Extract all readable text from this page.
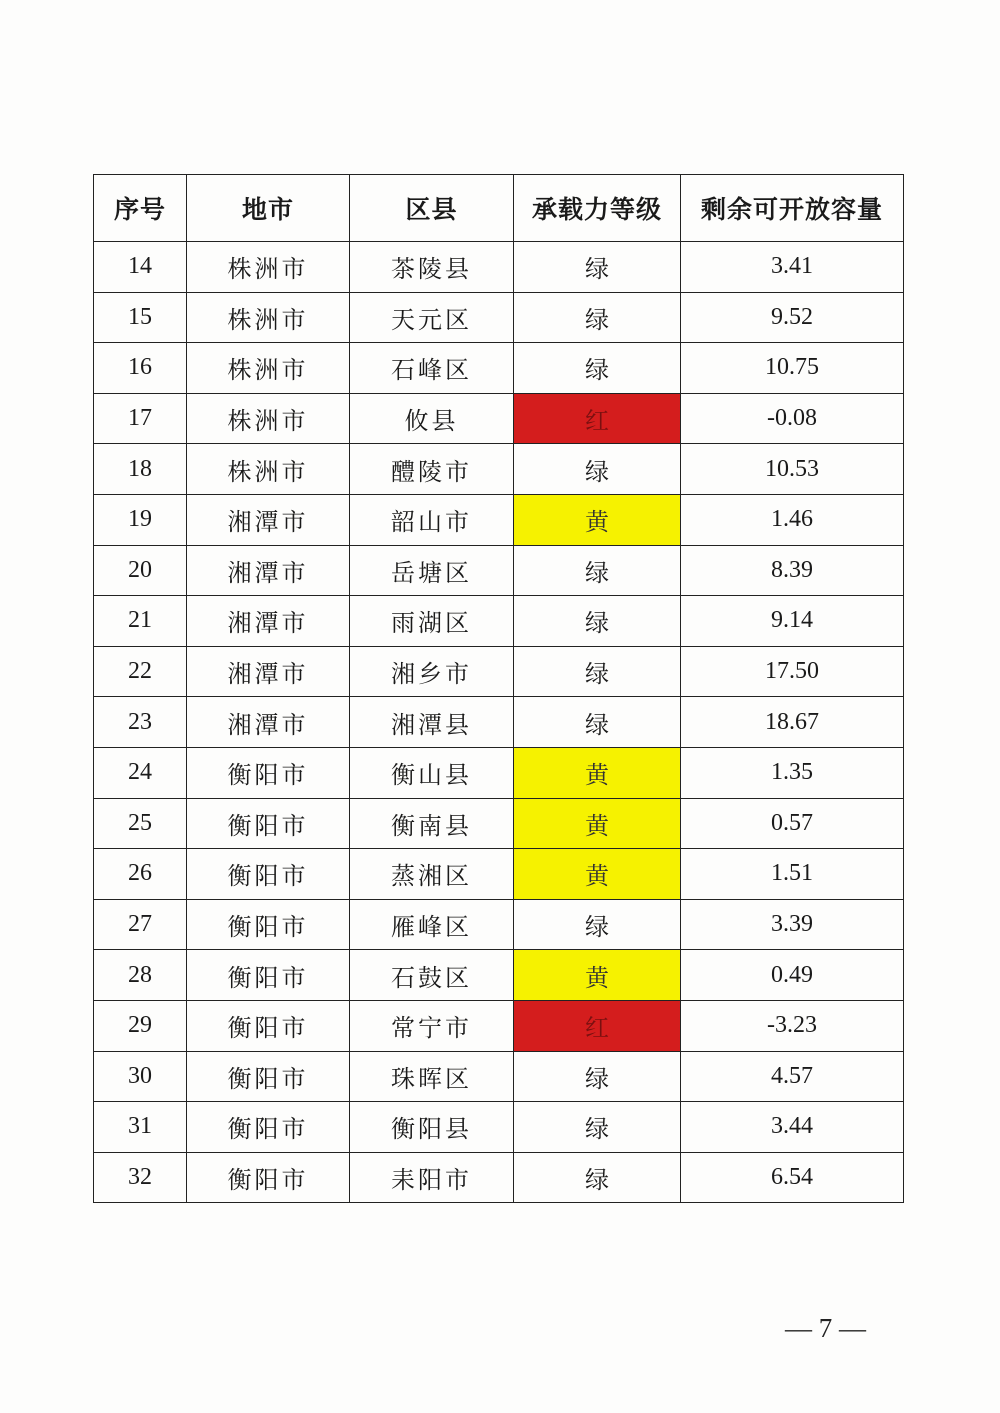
序号	地市	区县	承载力等级	剩余可开放容量
14	株洲市	茶陵县	绿	3.41
15	株洲市	天元区	绿	9.52
16	株洲市	石峰区	绿	10.75
17	株洲市	攸县	红	-0.08
18	株洲市	醴陵市	绿	10.53
19	湘潭市	韶山市	黄	1.46
20	湘潭市	岳塘区	绿	8.39
21	湘潭市	雨湖区	绿	9.14
22	湘潭市	湘乡市	绿	17.50
23	湘潭市	湘潭县	绿	18.67
24	衡阳市	衡山县	黄	1.35
25	衡阳市	衡南县	黄	0.57
26	衡阳市	蒸湘区	黄	1.51
27	衡阳市	雁峰区	绿	3.39
28	衡阳市	石鼓区	黄	0.49
29	衡阳市	常宁市	红	-3.23
30	衡阳市	珠晖区	绿	4.57
31	衡阳市	衡阳县	绿	3.44
32	衡阳市	耒阳市	绿	6.54
— 7 —
